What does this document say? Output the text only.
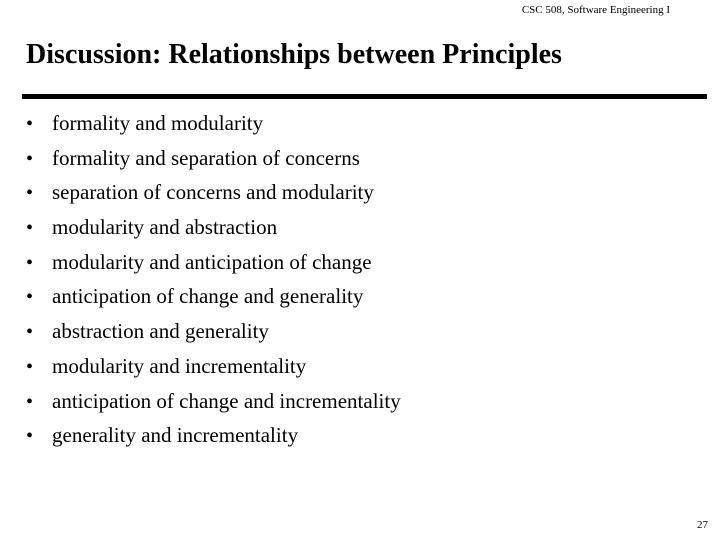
CSC 508, Software Engineering I
Discussion: Relationships between Principles
• formality and modularity
• formality and separation of concerns
• separation of concerns and modularity
• modularity and abstraction
• modularity and anticipation of change
• anticipation of change and generality
• abstraction and generality
• modularity and incrementality
• anticipation of change and incrementality
• generality and incrementality
27
